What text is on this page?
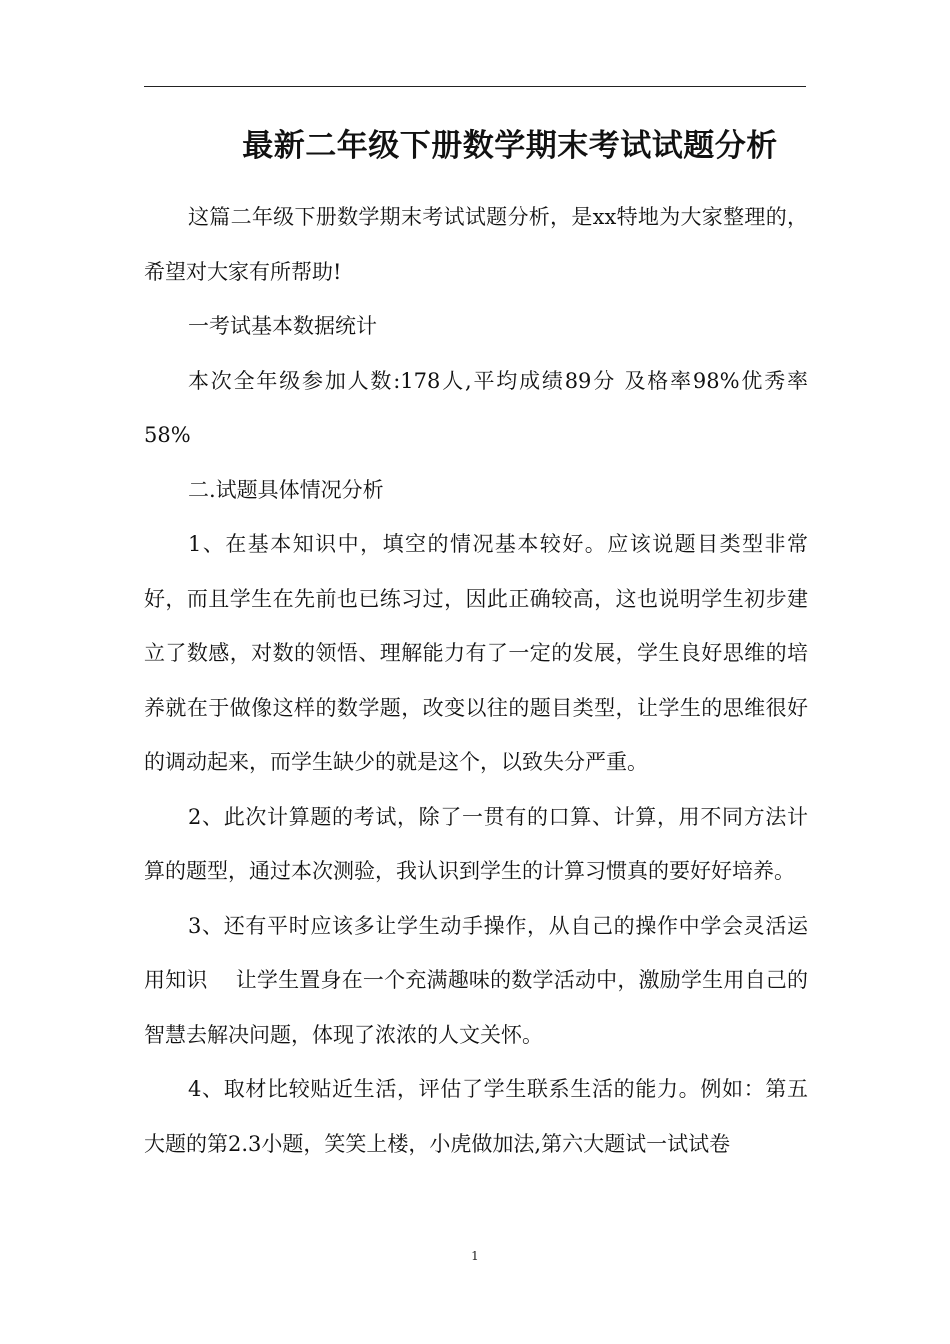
最新二年级下册数学期末考试试题分析

这篇二年级下册数学期末考试试题分析，是xx特地为大家整理的，希望对大家有所帮助!

一考试基本数据统计

本次全年级参加人数:178人,平均成绩89分 及格率98%优秀率58%

二.试题具体情况分析

1、在基本知识中，填空的情况基本较好。应该说题目类型非常好，而且学生在先前也已练习过，因此正确较高，这也说明学生初步建立了数感，对数的领悟、理解能力有了一定的发展，学生良好思维的培养就在于做像这样的数学题，改变以往的题目类型，让学生的思维很好的调动起来，而学生缺少的就是这个，以致失分严重。

2、此次计算题的考试，除了一贯有的口算、计算，用不同方法计算的题型，通过本次测验，我认识到学生的计算习惯真的要好好培养。

3、还有平时应该多让学生动手操作，从自己的操作中学会灵活运用知识　 让学生置身在一个充满趣味的数学活动中，激励学生用自己的智慧去解决问题，体现了浓浓的人文关怀。

4、取材比较贴近生活，评估了学生联系生活的能力。例如：第五大题的第2.3小题，笑笑上楼，小虎做加法,第六大题试一试试卷

1
